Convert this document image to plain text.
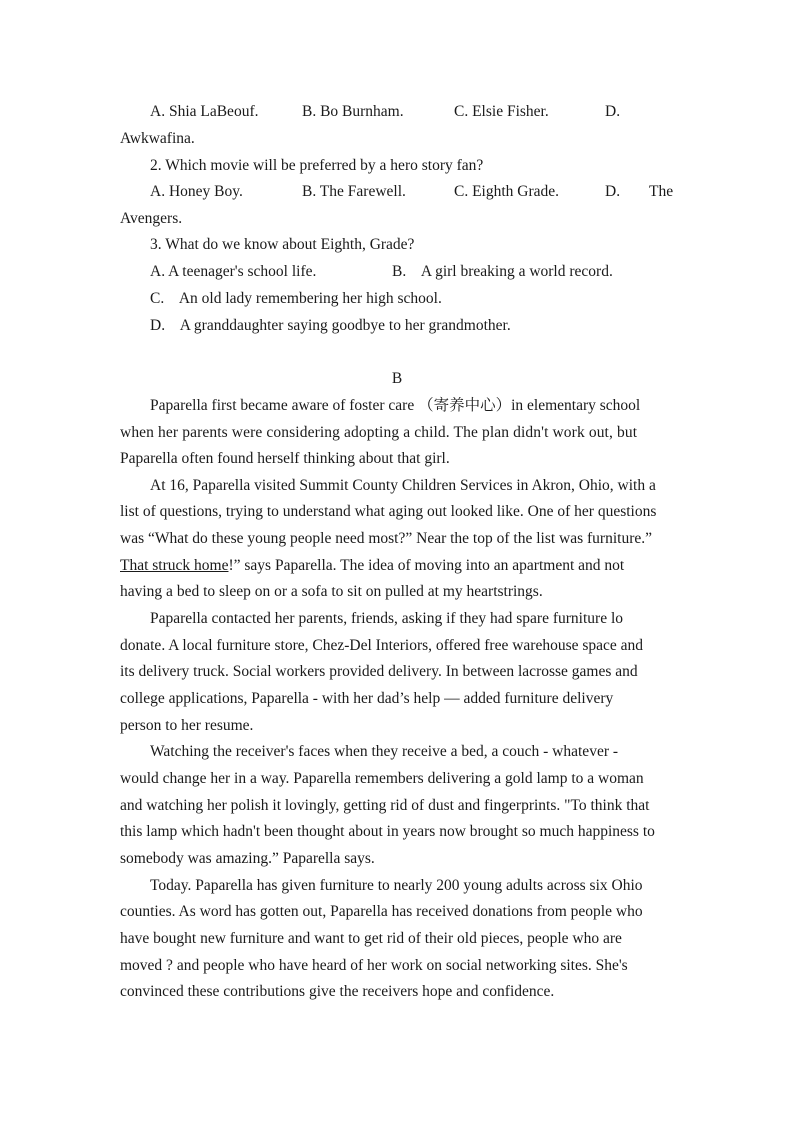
A. Shia LaBeouf.	B. Bo Burnham.	C. Elsie Fisher.	D.
Awkwafina.
2. Which movie will be preferred by a hero story fan?
A. Honey Boy.	B. The Farewell.	C. Eighth Grade.	D. The
Avengers.
3. What do we know about Eighth, Grade?
A. A teenager's school life.	B.    A girl breaking a world record.
C.    An old lady remembering her high school.
D.    A granddaughter saying goodbye to her grandmother.
B
Paparella first became aware of foster care （寄养中心）in elementary school
when her parents were considering adopting a child. The plan didn't work out, but
Paparella often found herself thinking about that girl.
At 16, Paparella visited Summit County Children Services in Akron, Ohio, with a
list of questions, trying to understand what aging out looked like. One of her questions
was “What do these young people need most?” Near the top of the list was furniture.”
That struck home!” says Paparella. The idea of moving into an apartment and not
having a bed to sleep on or a sofa to sit on pulled at my heartstrings.
Paparella contacted her parents, friends, asking if they had spare furniture lo
donate. A local furniture store, Chez-Del Interiors, offered free warehouse space and
its delivery truck. Social workers provided delivery. In between lacrosse games and
college applications, Paparella - with her dad’s help — added furniture delivery
person to her resume.
Watching the receiver's faces when they receive a bed, a couch - whatever -
would change her in a way. Paparella remembers delivering a gold lamp to a woman
and watching her polish it lovingly, getting rid of dust and fingerprints. "To think that
this lamp which hadn't been thought about in years now brought so much happiness to
somebody was amazing.” Paparella says.
Today. Paparella has given furniture to nearly 200 young adults across six Ohio
counties. As word has gotten out, Paparella has received donations from people who
have bought new furniture and want to get rid of their old pieces, people who are
moved ? and people who have heard of her work on social networking sites. She's
convinced these contributions give the receivers hope and confidence.
